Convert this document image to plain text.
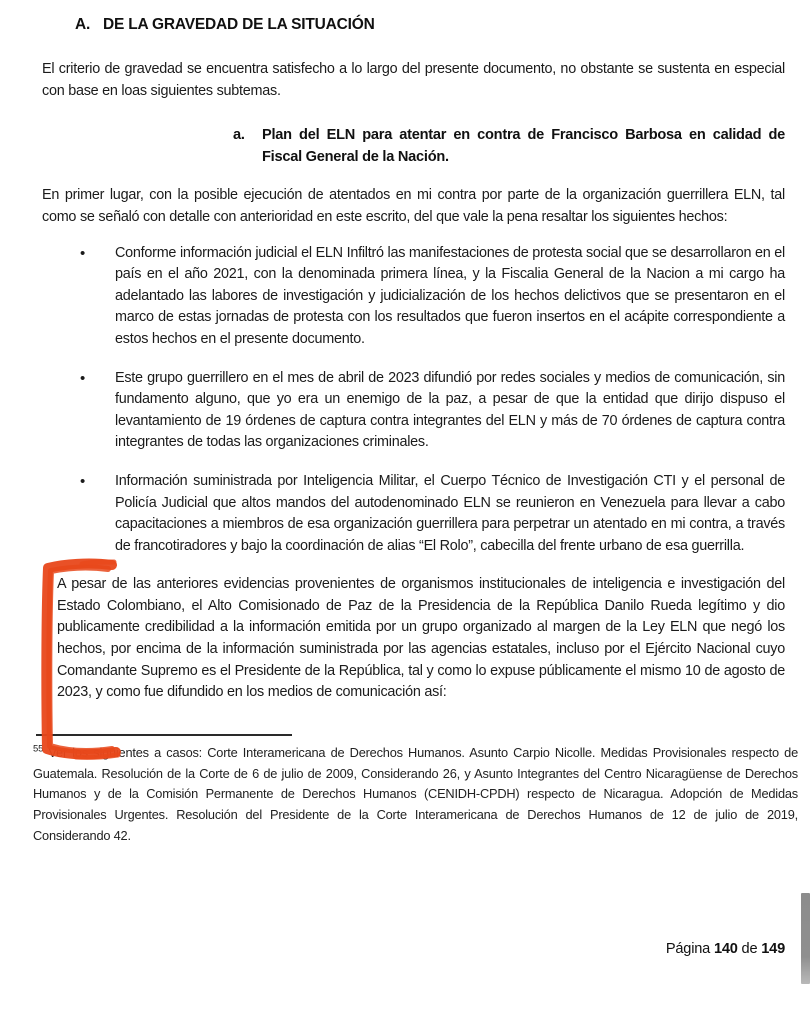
A. DE LA GRAVEDAD DE LA SITUACIÓN

El criterio de gravedad se encuentra satisfecho a lo largo del presente documento, no obstante se sustenta en especial con base en loas siguientes subtemas.

a.	Plan del ELN para atentar en contra de Francisco Barbosa en calidad de Fiscal General de la Nación.

En primer lugar, con la posible ejecución de atentados en mi contra por parte de la organización guerrillera ELN, tal como se señaló con detalle con anterioridad en este escrito, del que vale la pena resaltar los siguientes hechos:

• Conforme información judicial el ELN Infiltró las manifestaciones de protesta social que se desarrollaron en el país en el año 2021, con la denominada primera línea, y la Fiscalia General de la Nacion a mi cargo ha adelantado las labores de investigación y judicialización de los hechos delictivos que se presentaron en el marco de estas jornadas de protesta con los resultados que fueron insertos en el acápite correspondiente a estos hechos en el presente documento.
• Este grupo guerrillero en el mes de abril de 2023 difundió por redes sociales y medios de comunicación, sin fundamento alguno, que yo era un enemigo de la paz, a pesar de que la entidad que dirijo dispuso el levantamiento de 19 órdenes de captura contra integrantes del ELN y más de 70 órdenes de captura contra integrantes de todas las organizaciones criminales.
• Información suministrada por Inteligencia Militar, el Cuerpo Técnico de Investigación CTI y el personal de Policía Judicial que altos mandos del autodenominado ELN se reunieron en Venezuela para llevar a cabo capacitaciones a miembros de esa organización guerrillera para perpetrar un atentado en mi contra, a través de francotiradores y bajo la coordinación de alias “El Rolo”, cabecilla del frente urbano de esa guerrilla.

A pesar de las anteriores evidencias provenientes de organismos institucionales de inteligencia e investigación del Estado Colombiano, el Alto Comisionado de Paz de la Presidencia de la República Danilo Rueda legítimo y dio publicamente credibilidad a la información emitida por un grupo organizado al margen de la Ley ELN que negó los hechos, por encima de la información suministrada por las agencias estatales, incluso por el Ejército Nacional cuyo Comandante Supremo es el Presidente de la República, tal y como lo expuse públicamente el mismo 10 de agosto de 2023, y como fue difundido en los medios de comunicación así:

$^{55}$ Ver los siguientes a casos: Corte Interamericana de Derechos Humanos. Asunto Carpio Nicolle. Medidas Provisionales respecto de Guatemala. Resolución de la Corte de 6 de julio de 2009, Considerando 26, y Asunto Integrantes del Centro Nicaragüense de Derechos Humanos y de la Comisión Permanente de Derechos Humanos (CENIDH-CPDH) respecto de Nicaragua. Adopción de Medidas Provisionales Urgentes. Resolución del Presidente de la Corte Interamericana de Derechos Humanos de 12 de julio de 2019, Considerando 42.

Página 140 de 149
